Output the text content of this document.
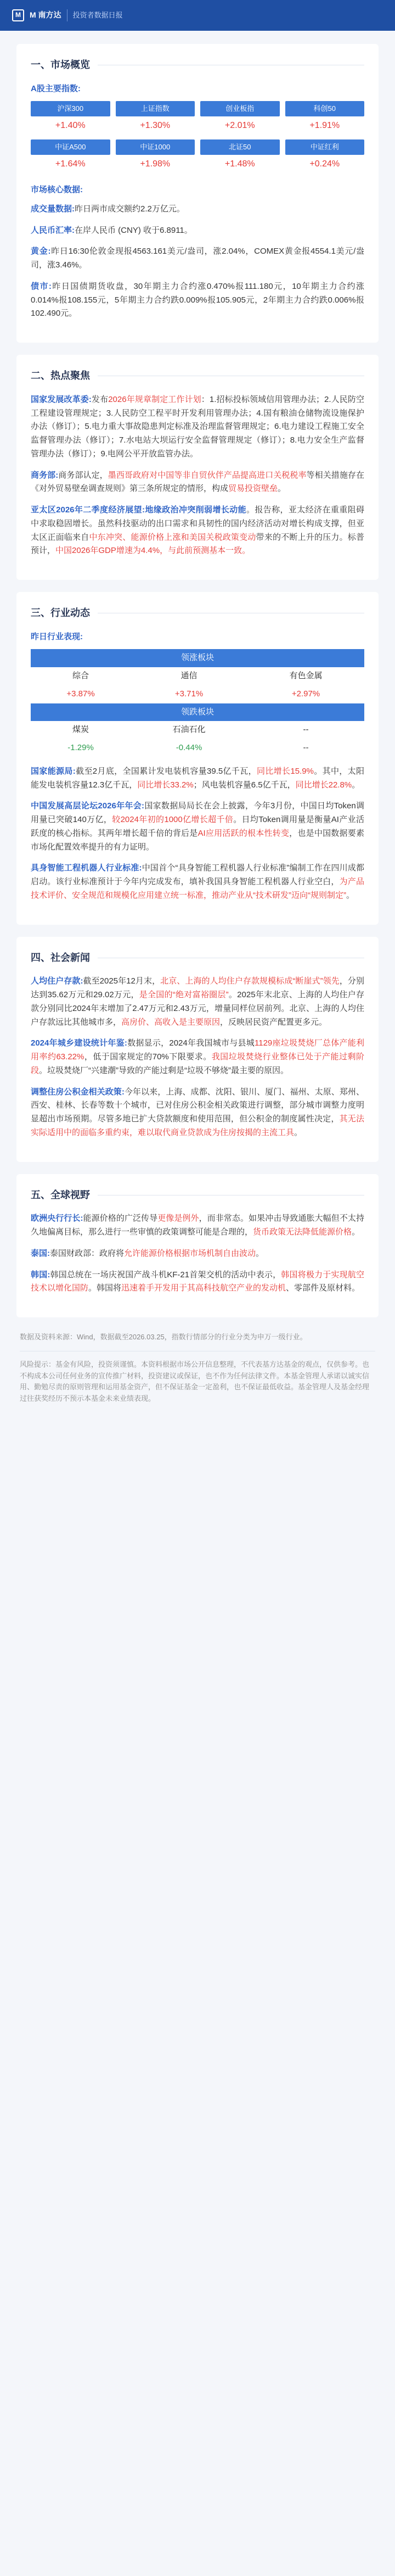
M M 南方达	投资者数据日报
一、市场概览
A股主要指数:
沪深300
+1.40%
上证指数
+1.30%
创业板指
+2.01%
科创50
+1.91%
中证A500
+1.64%
中证1000
+1.98%
北证50
+1.48%
中证红利
+0.24%
市场核心数据:

成交量数据:昨日两市成交额约2.2万亿元。

人民币汇率:在岸人民币 (CNY) 收于6.8911。

黄金:昨日16:30伦敦金现报4563.161美元/盎司，涨2.04%，COMEX黄金报4554.1美元/盎司，涨3.46%。

债市:昨日国债期货收盘，30年期主力合约涨0.470%报111.180元，10年期主力合约涨0.014%报108.155元，5年期主力合约跌0.009%报105.905元，2年期主力合约跌0.006%报102.490元。

二、热点聚焦

国家发展改革委:发布2026年规章制定工作计划：1.招标投标领域信用管理办法；2.人民防空工程建设管理规定；3.人民防空工程平时开发利用管理办法；4.国有粮油仓储物流设施保护办法（修订）；5.电力重大事故隐患判定标准及治理监督管理规定；6.电力建设工程施工安全监督管理办法（修订）；7.水电站大坝运行安全监督管理规定（修订）；8.电力安全生产监督管理办法（修订）；9.电网公平开放监管办法。

商务部:商务部认定，墨西哥政府对中国等非自贸伙伴产品提高进口关税税率等相关措施存在《对外贸易壁垒调查规则》第三条所规定的情形，构成贸易投资壁垒。

亚太区2026年二季度经济展望:地缘政治冲突削弱增长动能。报告称，亚太经济在重重阻碍中求取稳固增长。虽然科技驱动的出口需求和具韧性的国内经济活动对增长构成支撑，但亚太区正面临来自中东冲突、能源价格上涨和美国关税政策变动带来的不断上升的压力。标普预计，中国2026年GDP增速为4.4%，与此前预测基本一致。

三、行业动态
昨日行业表现:
领涨板块		
综合	通信	有色金属
+3.87%	+3.71%	+2.97%
领跌板块		
煤炭	石油石化	--
-1.29%	-0.44%	--

国家能源局:截至2月底，全国累计发电装机容量39.5亿千瓦，同比增长15.9%。其中，太阳能发电装机容量12.3亿千瓦，同比增长33.2%；风电装机容量6.5亿千瓦，同比增长22.8%。

中国发展高层论坛2026年年会:国家数据局局长在会上披露，今年3月份，中国日均Token调用量已突破140万亿，较2024年初的1000亿增长超千倍。日均Token调用量是衡量AI产业活跃度的核心指标。其两年增长超千倍的背后是AI应用活跃的根本性转变，也是中国数据要素市场化配置效率提升的有力证明。

具身智能工程机器人行业标准:中国首个“具身智能工程机器人行业标准”编制工作在四川成都启动。该行业标准预计于今年内完成发布，填补我国具身智能工程机器人行业空白，为产品技术评价、安全规范和规模化应用建立统一标准，推动产业从“技术研发”迈向“规则制定”。

四、社会新闻

人均住户存款:截至2025年12月末，北京、上海的人均住户存款规模标成“断崖式”领先，分别达到35.62万元和29.02万元，是全国的“绝对富裕圈层”。2025年末北京、上海的人均住户存款分别同比2024年末增加了2.47万元和2.43万元，增量同样位居前列。北京、上海的人均住户存款远比其他城市多，高房价、高收入是主要原因，反映居民资产配置更多元。

2024年城乡建设统计年鉴:数据显示，2024年我国城市与县城1129座垃圾焚烧厂总体产能利用率约63.22%，低于国家规定的70%下限要求。我国垃圾焚烧行业整体已处于产能过剩阶段。垃圾焚烧厂“兴建潮”导致的产能过剩是“垃圾不够烧”最主要的原因。

调整住房公积金相关政策:今年以来，上海、成都、沈阳、银川、厦门、福州、太原、郑州、西安、桂林、长春等数十个城市，已对住房公积金相关政策进行调整，部分城市调整力度明显超出市场预期。尽管多地已扩大贷款额度和使用范围，但公积金的制度属性决定，其无法实际适用中的面临多重约束，难以取代商业贷款成为住房按揭的主流工具。

五、全球视野

欧洲央行行长:能源价格的广泛传导更像是例外，而非常态。如果冲击导致通胀大幅但不太持久地偏离目标，那么进行一些审慎的政策调整可能是合理的，货币政策无法降低能源价格。

泰国:泰国财政部：政府将允许能源价格根据市场机制自由波动。

韩国:韩国总统在一场庆祝国产战斗机KF-21首架交机的活动中表示，韩国将极力于实现航空技术以增化国防。韩国将迅速着手开发用于其高科技航空产业的发动机、零部件及原材料。

数据及资料来源：Wind，数据截至2026.03.25，指数行情部分的行业分类为申万一级行业。

风险提示：基金有风险，投资须谨慎。本资料根据市场公开信息整理，不代表基方达基金的观点，仅供参考。也不构成本公司任何业务的宣传推广材料，投资建议或保证，也不作为任何法律文件。本基金管理人承诺以诚实信用、勤勉尽责的原则管理和运用基金资产，但不保证基金一定盈利，也不保证最低收益。基金管理人及基金经理过往获奖经历不预示本基金未来业绩表现。
